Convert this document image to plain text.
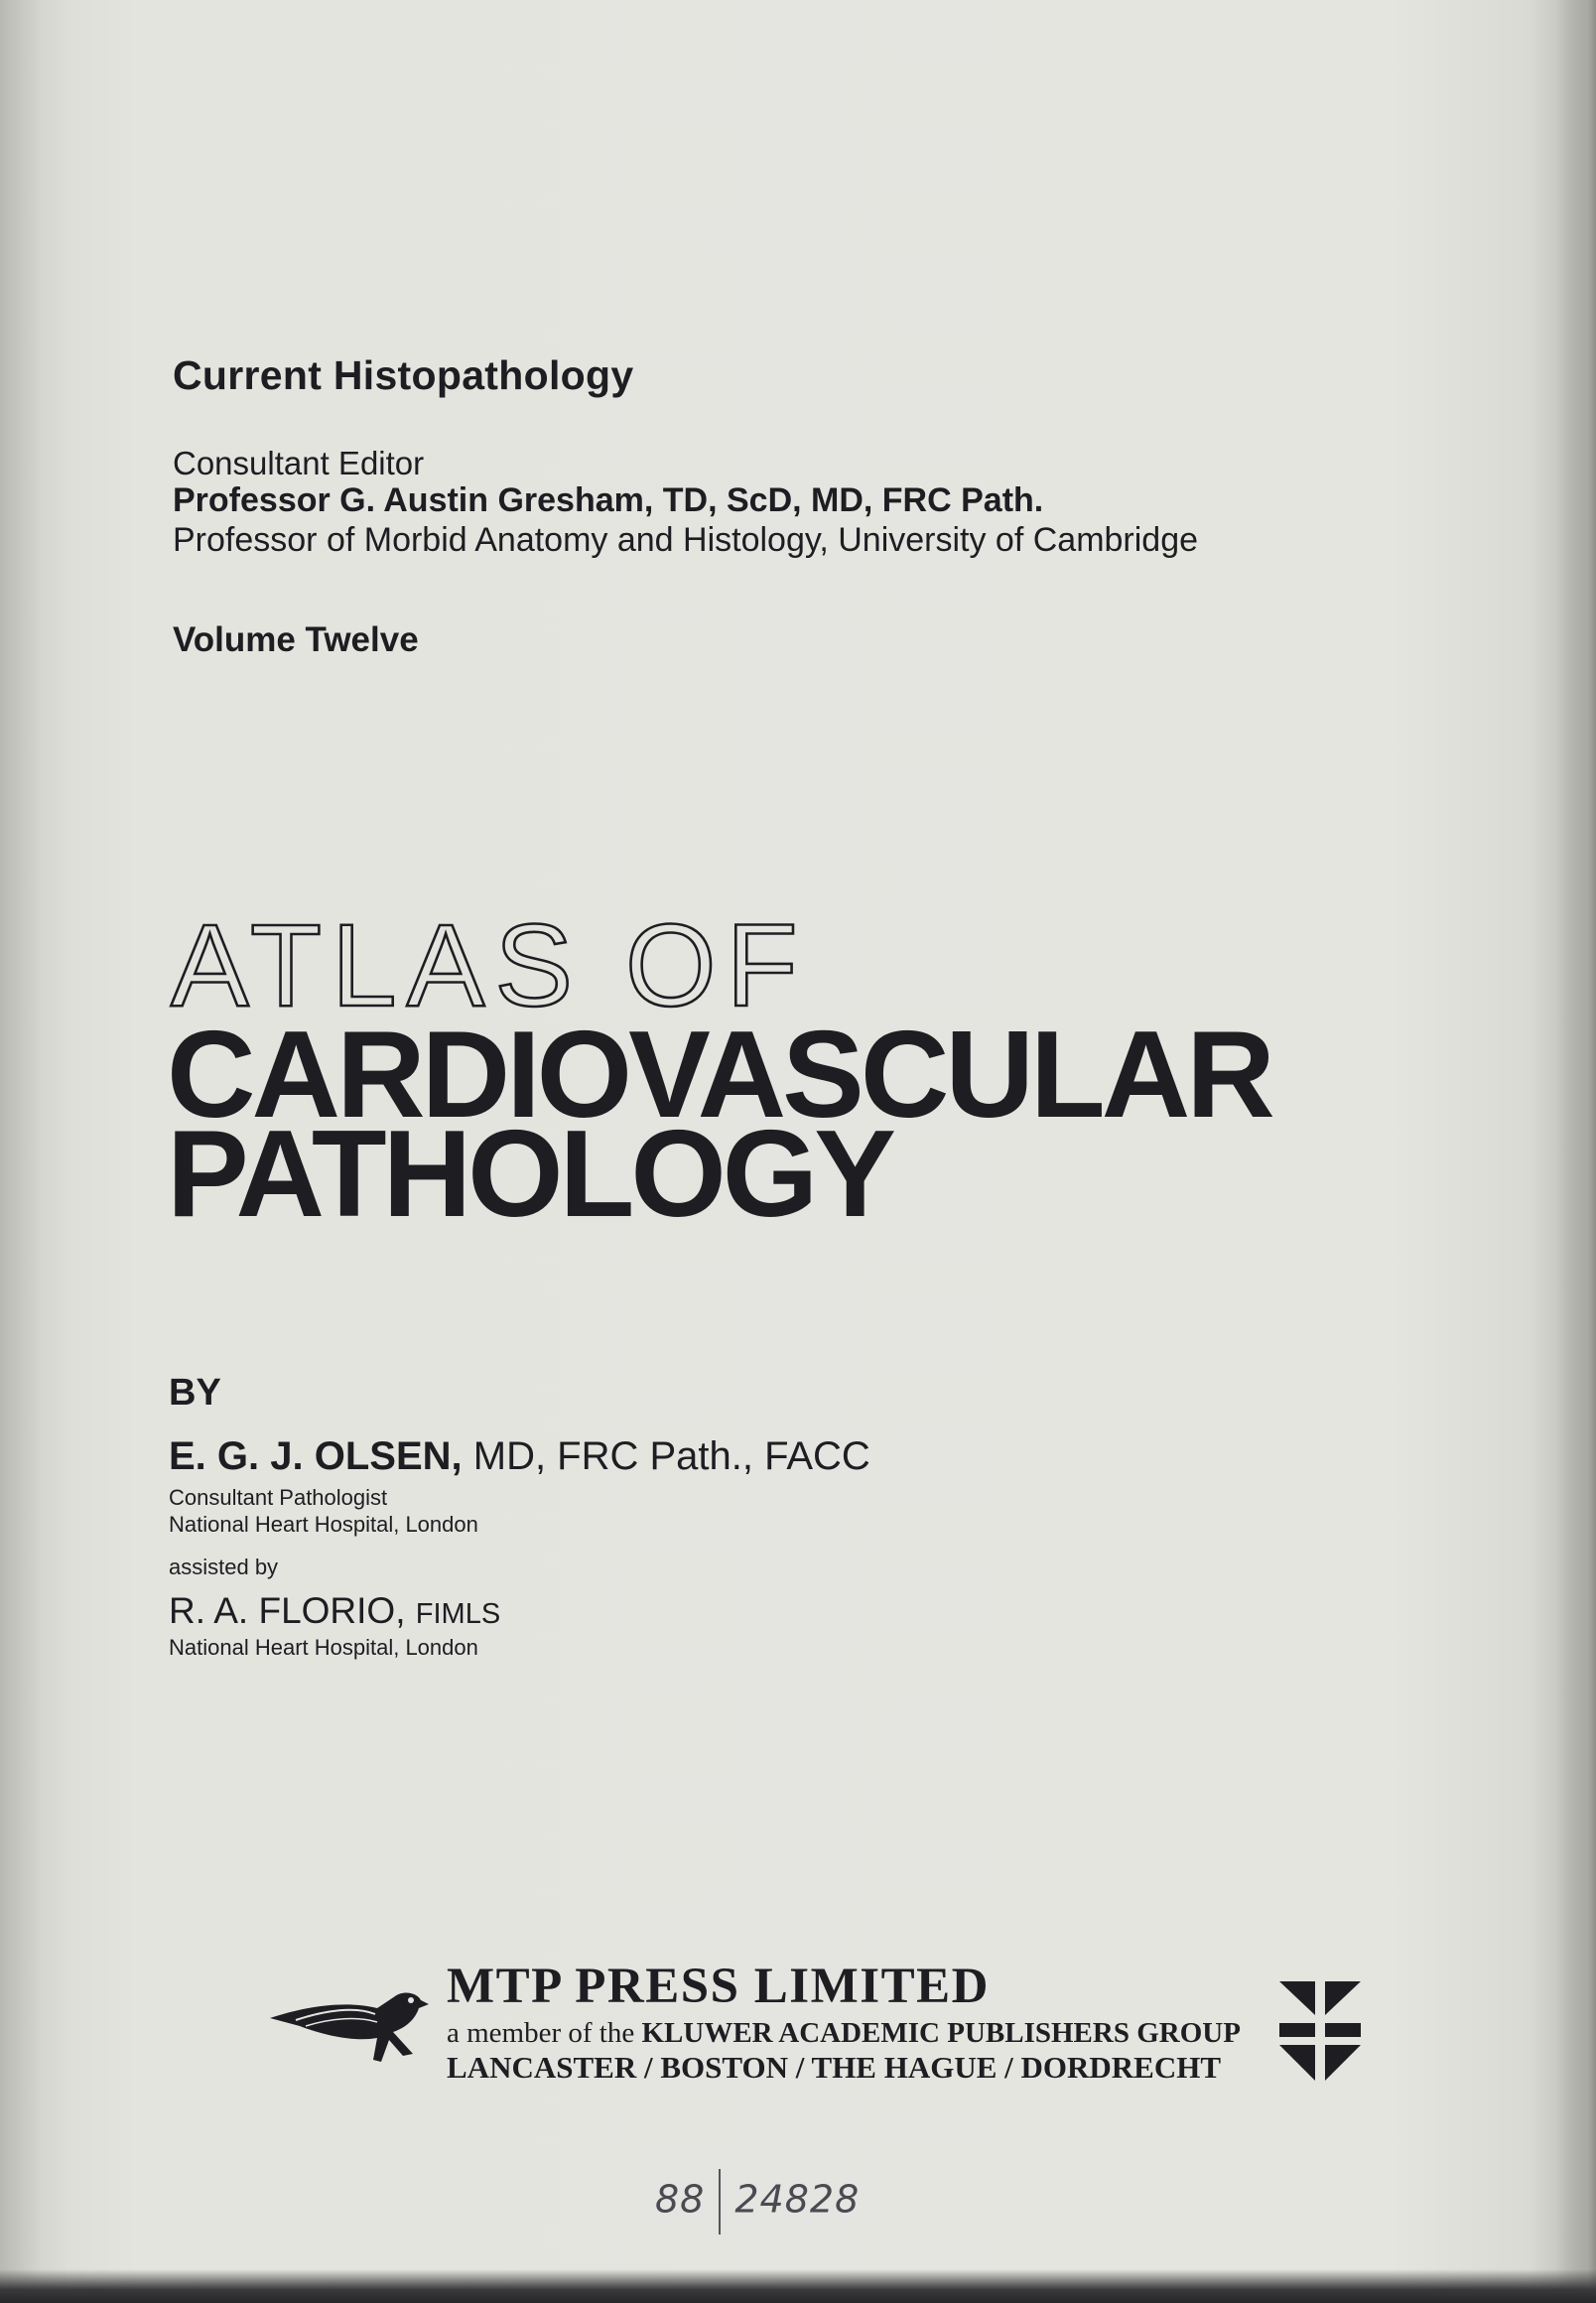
Current Histopathology
Consultant Editor
Professor G. Austin Gresham, TD, ScD, MD, FRC Path.
Professor of Morbid Anatomy and Histology, University of Cambridge
Volume Twelve
ATLAS OF
CARDIOVASCULAR
PATHOLOGY
BY
E. G. J. OLSEN, MD, FRC Path., FACC
Consultant Pathologist
National Heart Hospital, London
assisted by
R. A. FLORIO, FIMLS
National Heart Hospital, London
MTP PRESS LIMITED
a member of the KLUWER ACADEMIC PUBLISHERS GROUP
LANCASTER / BOSTON / THE HAGUE / DORDRECHT
88 24828
